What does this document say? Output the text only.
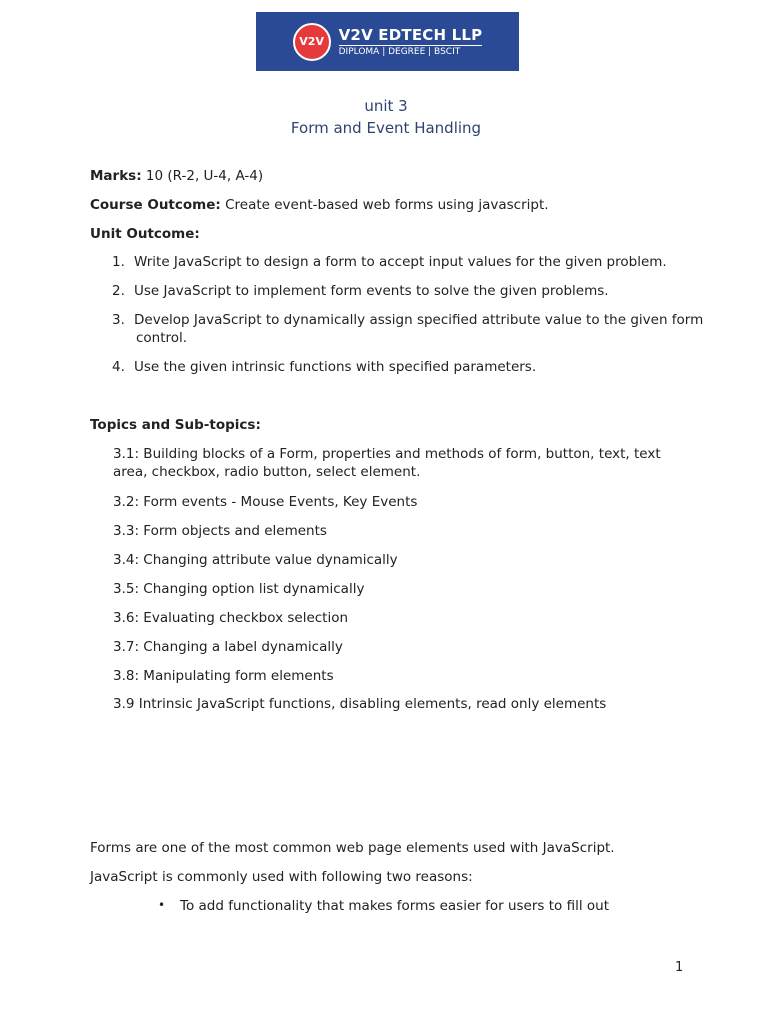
V2V V2V EDTECH LLP
DIPLOMA | DEGREE | BSCIT
unit 3
Form and Event Handling
Marks: 10 (R-2, U-4, A-4)
Course Outcome: Create event-based web forms using javascript.
Unit Outcome:
1. Write JavaScript to design a form to accept input values for the given problem.
2. Use JavaScript to implement form events to solve the given problems.
3. Develop JavaScript to dynamically assign specified attribute value to the given form control.
4. Use the given intrinsic functions with specified parameters.
Topics and Sub-topics:
3.1: Building blocks of a Form, properties and methods of form, button, text, text area, checkbox, radio button, select element.
3.2: Form events - Mouse Events, Key Events
3.3: Form objects and elements
3.4: Changing attribute value dynamically
3.5: Changing option list dynamically
3.6: Evaluating checkbox selection
3.7: Changing a label dynamically
3.8: Manipulating form elements
3.9 Intrinsic JavaScript functions, disabling elements, read only elements
Forms are one of the most common web page elements used with JavaScript.
JavaScript is commonly used with following two reasons:
• To add functionality that makes forms easier for users to fill out
1
